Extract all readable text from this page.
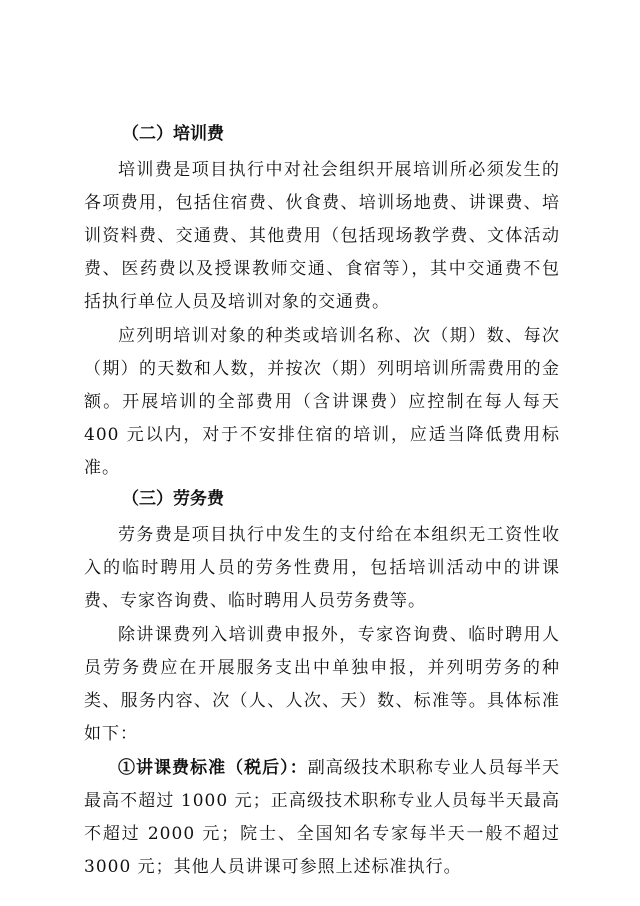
（二）培训费

培训费是项目执行中对社会组织开展培训所必须发生的各项费用，包括住宿费、伙食费、培训场地费、讲课费、培训资料费、交通费、其他费用（包括现场教学费、文体活动费、医药费以及授课教师交通、食宿等），其中交通费不包括执行单位人员及培训对象的交通费。

应列明培训对象的种类或培训名称、次（期）数、每次（期）的天数和人数，并按次（期）列明培训所需费用的金额。开展培训的全部费用（含讲课费）应控制在每人每天 400 元以内，对于不安排住宿的培训，应适当降低费用标准。

（三）劳务费

劳务费是项目执行中发生的支付给在本组织无工资性收入的临时聘用人员的劳务性费用，包括培训活动中的讲课费、专家咨询费、临时聘用人员劳务费等。

除讲课费列入培训费申报外，专家咨询费、临时聘用人员劳务费应在开展服务支出中单独申报，并列明劳务的种类、服务内容、次（人、人次、天）数、标准等。具体标准如下：

①讲课费标准（税后）：副高级技术职称专业人员每半天最高不超过 1000 元；正高级技术职称专业人员每半天最高不超过 2000 元；院士、全国知名专家每半天一般不超过 3000 元；其他人员讲课可参照上述标准执行。
